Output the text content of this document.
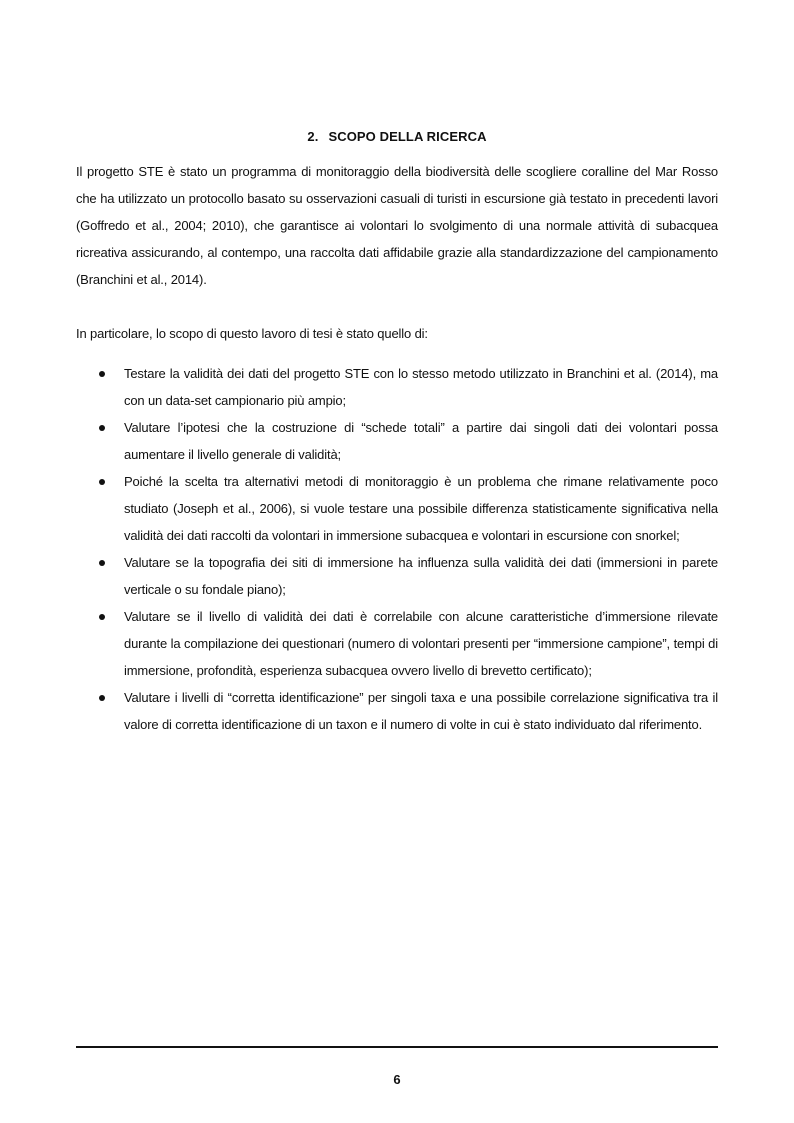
2. SCOPO DELLA RICERCA

Il progetto STE è stato un programma di monitoraggio della biodiversità delle scogliere coralline del Mar Rosso che ha utilizzato un protocollo basato su osservazioni casuali di turisti in escursione già testato in precedenti lavori (Goffredo et al., 2004; 2010), che garantisce ai volontari lo svolgimento di una normale attività di subacquea ricreativa assicurando, al contempo, una raccolta dati affidabile grazie alla standardizzazione del campionamento (Branchini et al., 2014).

In particolare, lo scopo di questo lavoro di tesi è stato quello di:

Testare la validità dei dati del progetto STE con lo stesso metodo utilizzato in Branchini et al. (2014), ma con un data-set campionario più ampio;
Valutare l’ipotesi che la costruzione di “schede totali” a partire dai singoli dati dei volontari possa aumentare il livello generale di validità;
Poiché la scelta tra alternativi metodi di monitoraggio è un problema che rimane relativamente poco studiato (Joseph et al., 2006), si vuole testare una possibile differenza statisticamente significativa nella validità dei dati raccolti da volontari in immersione subacquea e volontari in escursione con snorkel;
Valutare se la topografia dei siti di immersione ha influenza sulla validità dei dati (immersioni in parete verticale o su fondale piano);
Valutare se il livello di validità dei dati è correlabile con alcune caratteristiche d’immersione rilevate durante la compilazione dei questionari (numero di volontari presenti per “immersione campione”, tempi di immersione, profondità, esperienza subacquea ovvero livello di brevetto certificato);
Valutare i livelli di “corretta identificazione” per singoli taxa e una possibile correlazione significativa tra il valore di corretta identificazione di un taxon e il numero di volte in cui è stato individuato dal riferimento.
6
